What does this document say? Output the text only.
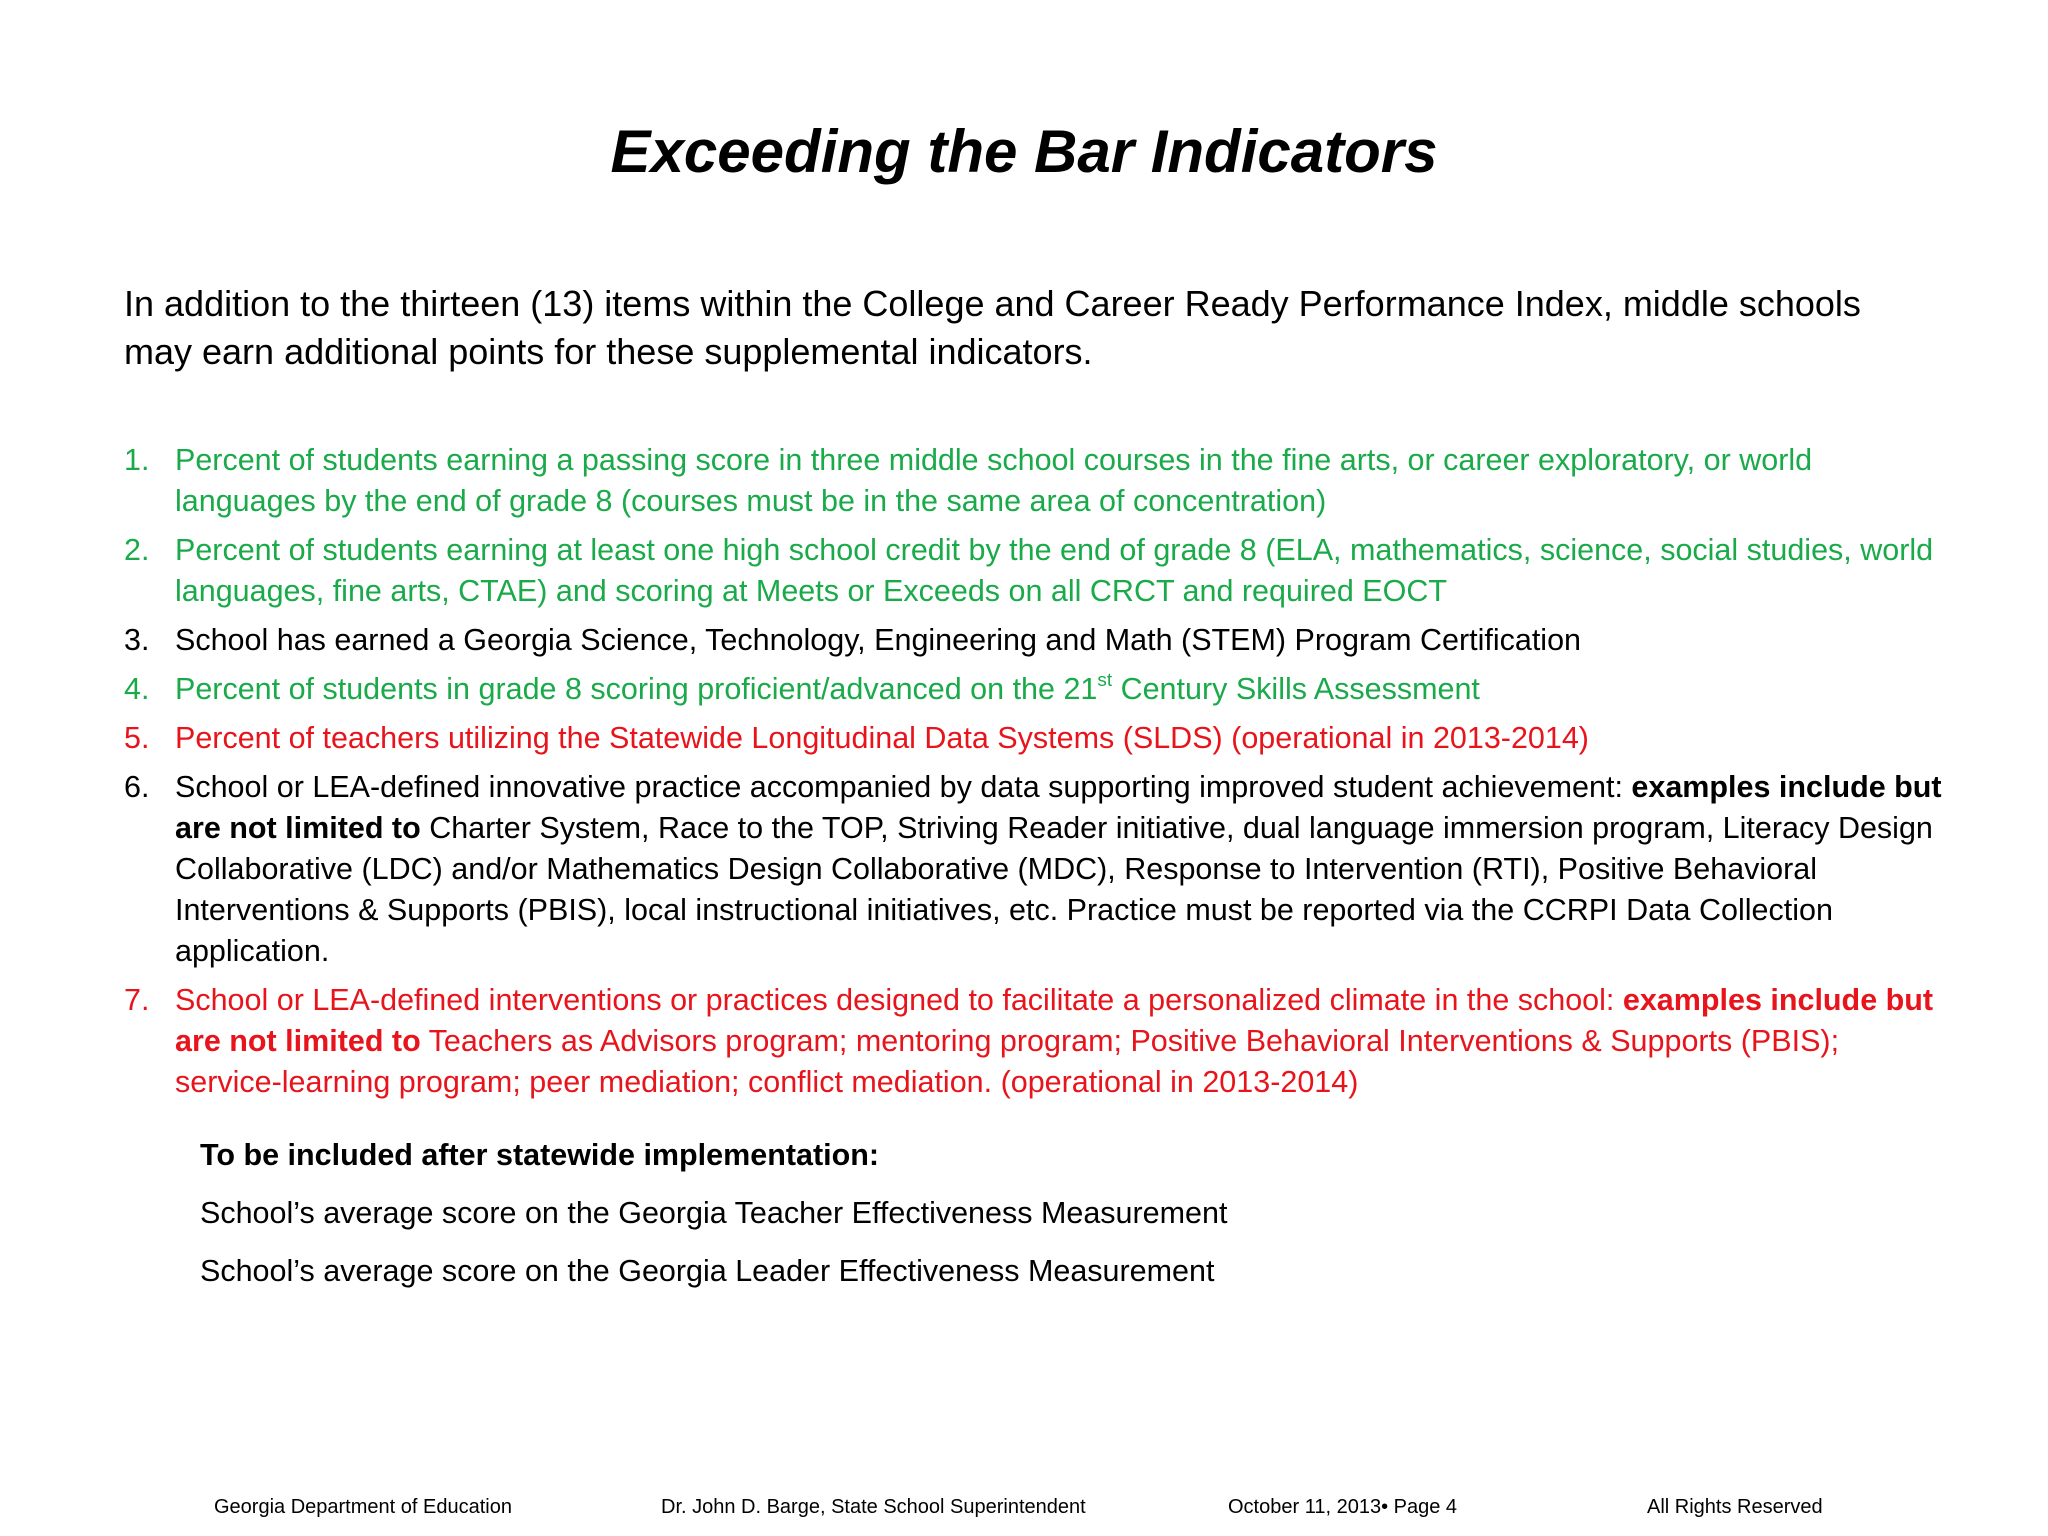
Exceeding the Bar Indicators

In addition to the thirteen (13) items within the College and Career Ready Performance Index, middle schools may earn additional points for these supplemental indicators.

1. Percent of students earning a passing score in three middle school courses in the fine arts, or career exploratory, or world languages by the end of grade 8 (courses must be in the same area of concentration)
2. Percent of students earning at least one high school credit by the end of grade 8 (ELA, mathematics, science, social studies, world languages, fine arts, CTAE) and scoring at Meets or Exceeds on all CRCT and required EOCT
3. School has earned a Georgia Science, Technology, Engineering and Math (STEM) Program Certification
4. Percent of students in grade 8 scoring proficient/advanced on the 21st Century Skills Assessment
5. Percent of teachers utilizing the Statewide Longitudinal Data Systems (SLDS) (operational in 2013-2014)
6. School or LEA-defined innovative practice accompanied by data supporting improved student achievement: examples include but are not limited to Charter System, Race to the TOP, Striving Reader initiative, dual language immersion program, Literacy Design Collaborative (LDC) and/or Mathematics Design Collaborative (MDC), Response to Intervention (RTI), Positive Behavioral Interventions & Supports (PBIS), local instructional initiatives, etc. Practice must be reported via the CCRPI Data Collection application.
7. School or LEA-defined interventions or practices designed to facilitate a personalized climate in the school: examples include but are not limited to Teachers as Advisors program; mentoring program; Positive Behavioral Interventions & Supports (PBIS); service-learning program; peer mediation; conflict mediation. (operational in 2013-2014)

To be included after statewide implementation:

School’s average score on the Georgia Teacher Effectiveness Measurement

School’s average score on the Georgia Leader Effectiveness Measurement

Georgia Department of Education	Dr. John D. Barge, State School Superintendent	October 11, 2013• Page 4	All Rights Reserved
